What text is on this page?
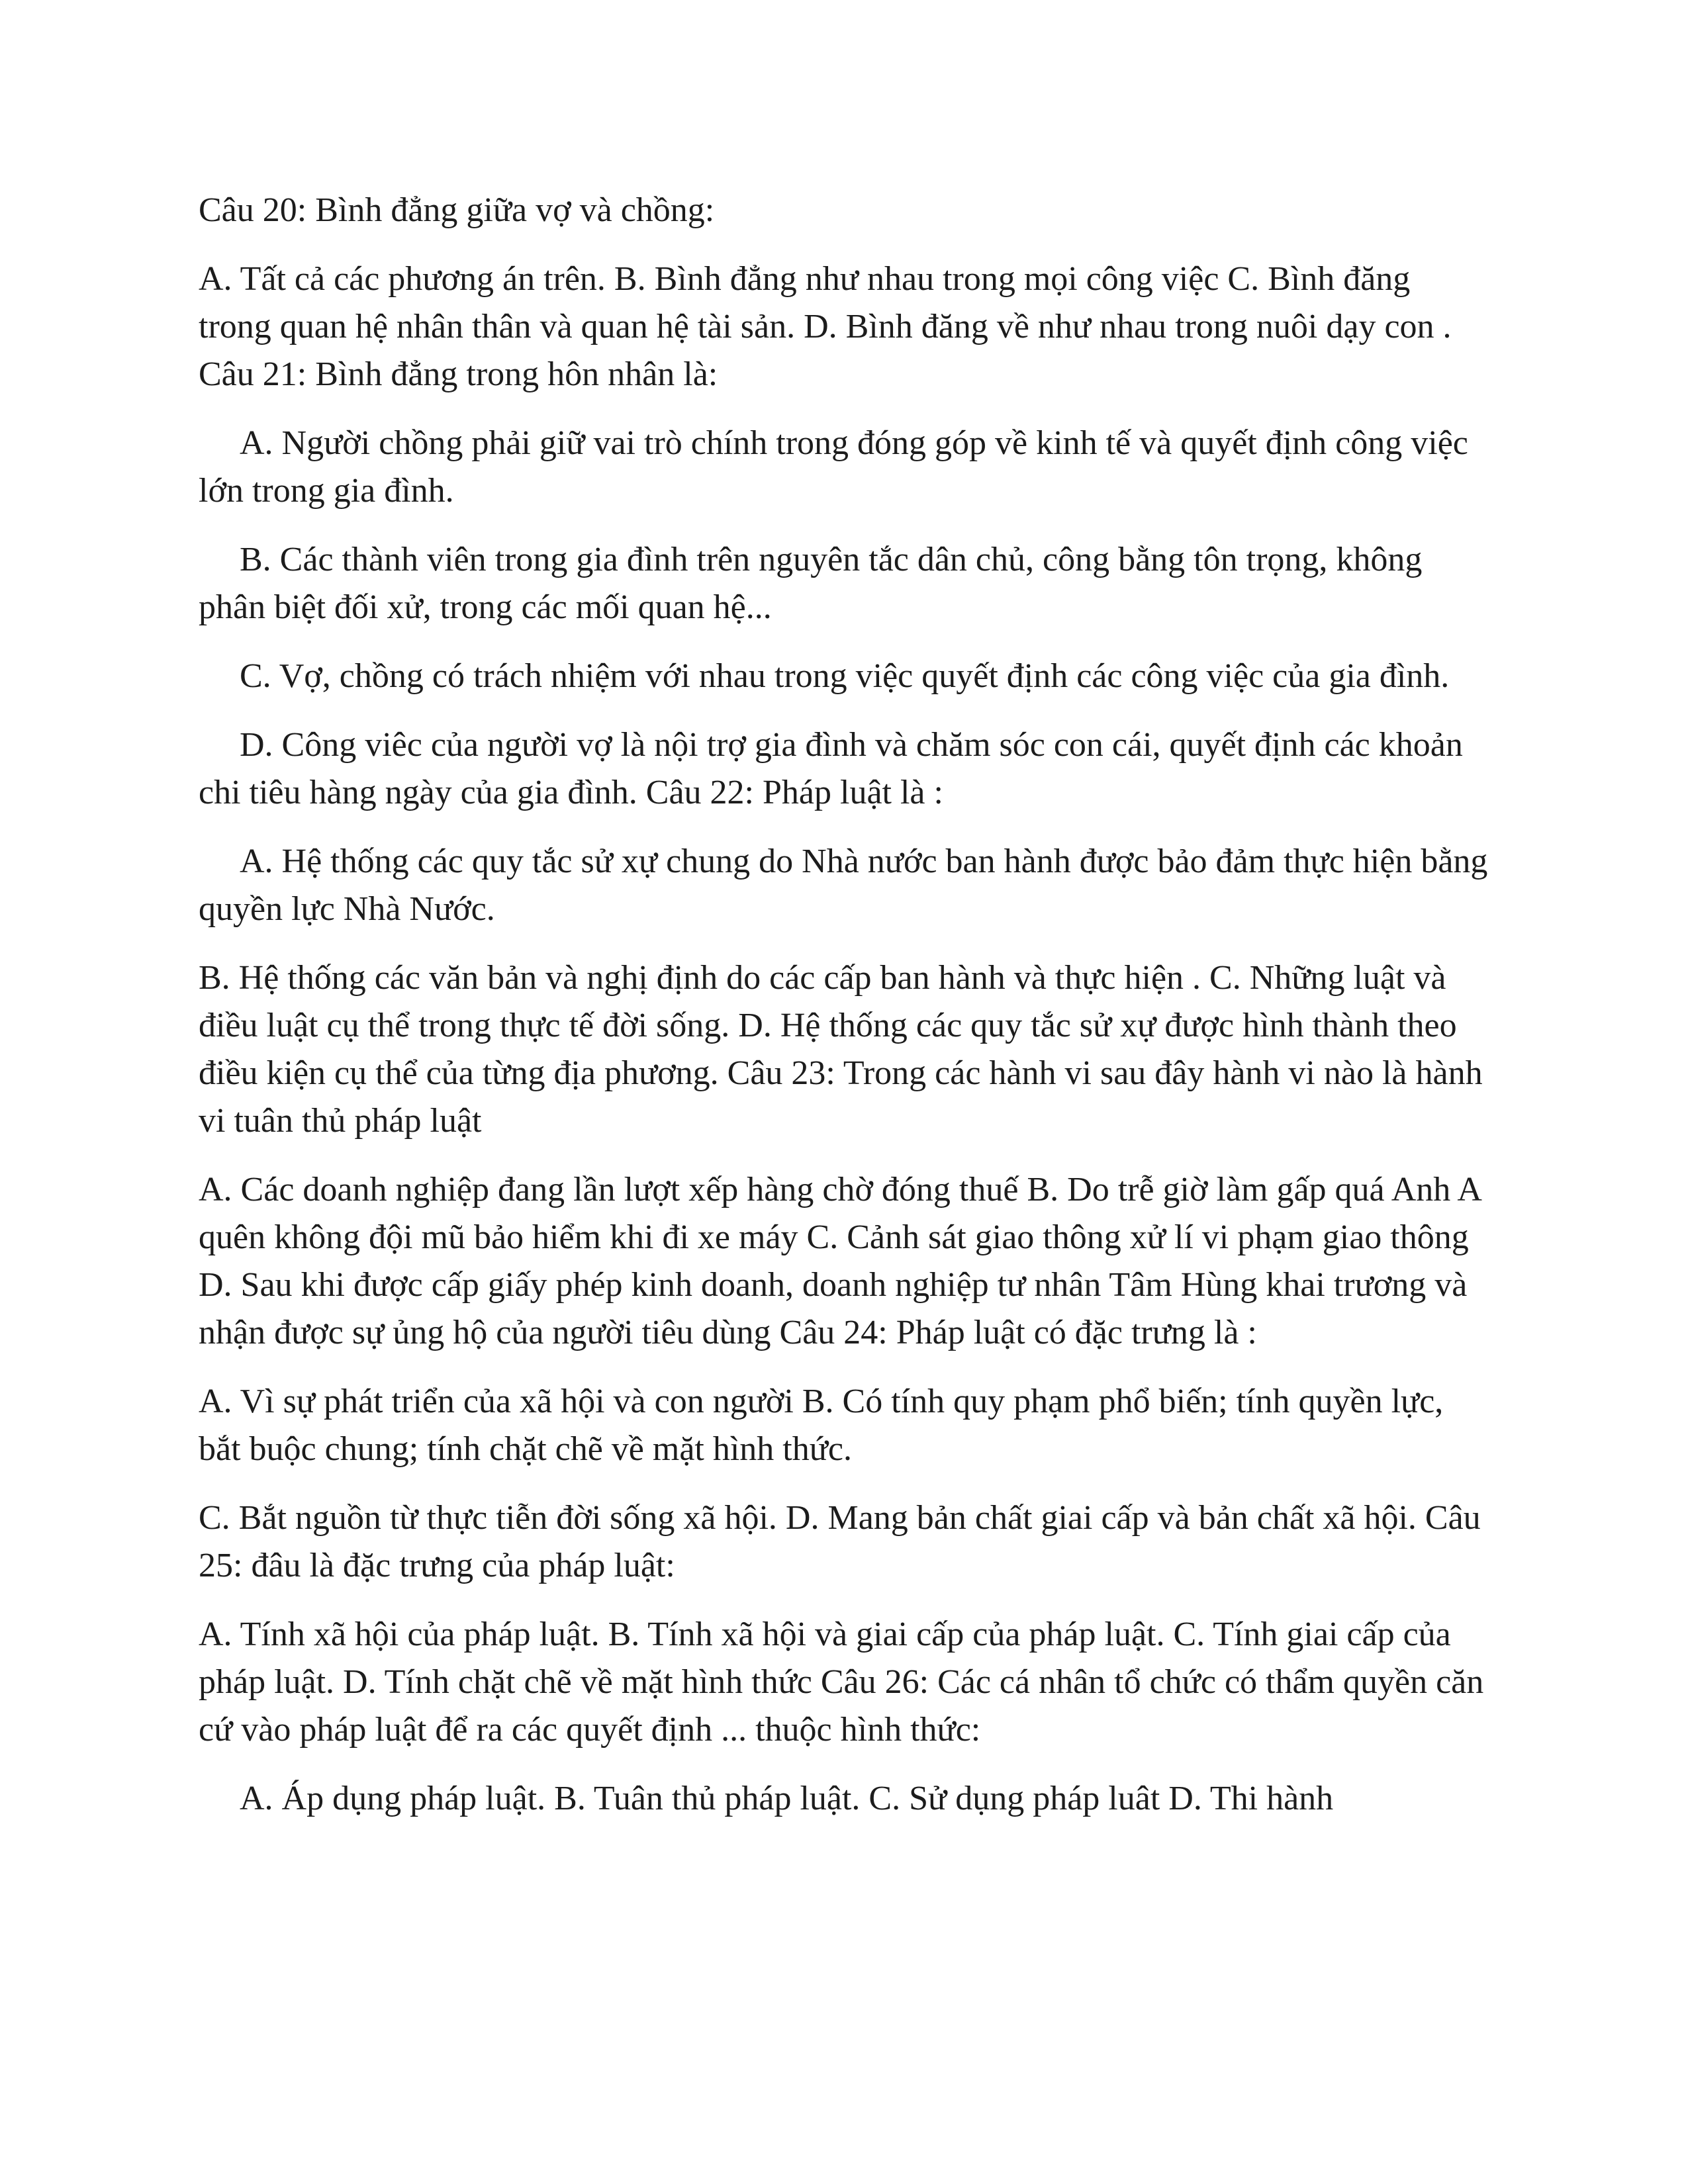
Câu 20: Bình đẳng giữa vợ và chồng:

A. Tất cả các phương án trên. B. Bình đẳng như nhau trong mọi công việc C. Bình đăng trong quan hệ nhân thân và quan hệ tài sản. D. Bình đăng về như nhau trong nuôi dạy con . Câu 21: Bình đẳng trong hôn nhân là:

A. Người chồng phải giữ vai trò chính trong đóng góp về kinh tế và quyết định công việc lớn trong gia đình.

B. Các thành viên trong gia đình trên nguyên tắc dân chủ, công bằng tôn trọng, không phân biệt đối xử, trong các mối quan hệ...

C. Vợ, chồng có trách nhiệm với nhau trong việc quyết định các công việc của gia đình.

D. Công viêc của người vợ là nội trợ gia đình và chăm sóc con cái, quyết định các khoản chi tiêu hàng ngày của gia đình. Câu 22: Pháp luật là :

A. Hệ thống các quy tắc sử xự chung do Nhà nước ban hành được bảo đảm thực hiện bằng quyền lực Nhà Nước.

B. Hệ thống các văn bản và nghị định do các cấp ban hành và thực hiện . C. Những luật và điều luật cụ thể trong thực tế đời sống. D. Hệ thống các quy tắc sử xự được hình thành theo điều kiện cụ thể của từng địa phương. Câu 23: Trong các hành vi sau đây hành vi nào là hành vi tuân thủ pháp luật

A. Các doanh nghiệp đang lần lượt xếp hàng chờ đóng thuế B. Do trễ giờ làm gấp quá Anh A quên không đội mũ bảo hiểm khi đi xe máy C. Cảnh sát giao thông xử lí vi phạm giao thông D. Sau khi được cấp giấy phép kinh doanh, doanh nghiệp tư nhân Tâm Hùng khai trương và nhận được sự ủng hộ của người tiêu dùng Câu 24: Pháp luật có đặc trưng là :

A. Vì sự phát triển của xã hội và con người B. Có tính quy phạm phổ biến; tính quyền lực, bắt buộc chung; tính chặt chẽ về mặt hình thức.

C. Bắt nguồn từ thực tiễn đời sống xã hội. D. Mang bản chất giai cấp và bản chất xã hội. Câu 25: đâu là đặc trưng của pháp luật:

A. Tính xã hội của pháp luật. B. Tính xã hội và giai cấp của pháp luật. C. Tính giai cấp của pháp luật. D. Tính chặt chẽ về mặt hình thức Câu 26: Các cá nhân tổ chức có thẩm quyền căn cứ vào pháp luật để ra các quyết định ... thuộc hình thức:

A. Áp dụng pháp luật. B. Tuân thủ pháp luật. C. Sử dụng pháp luât D. Thi hành
